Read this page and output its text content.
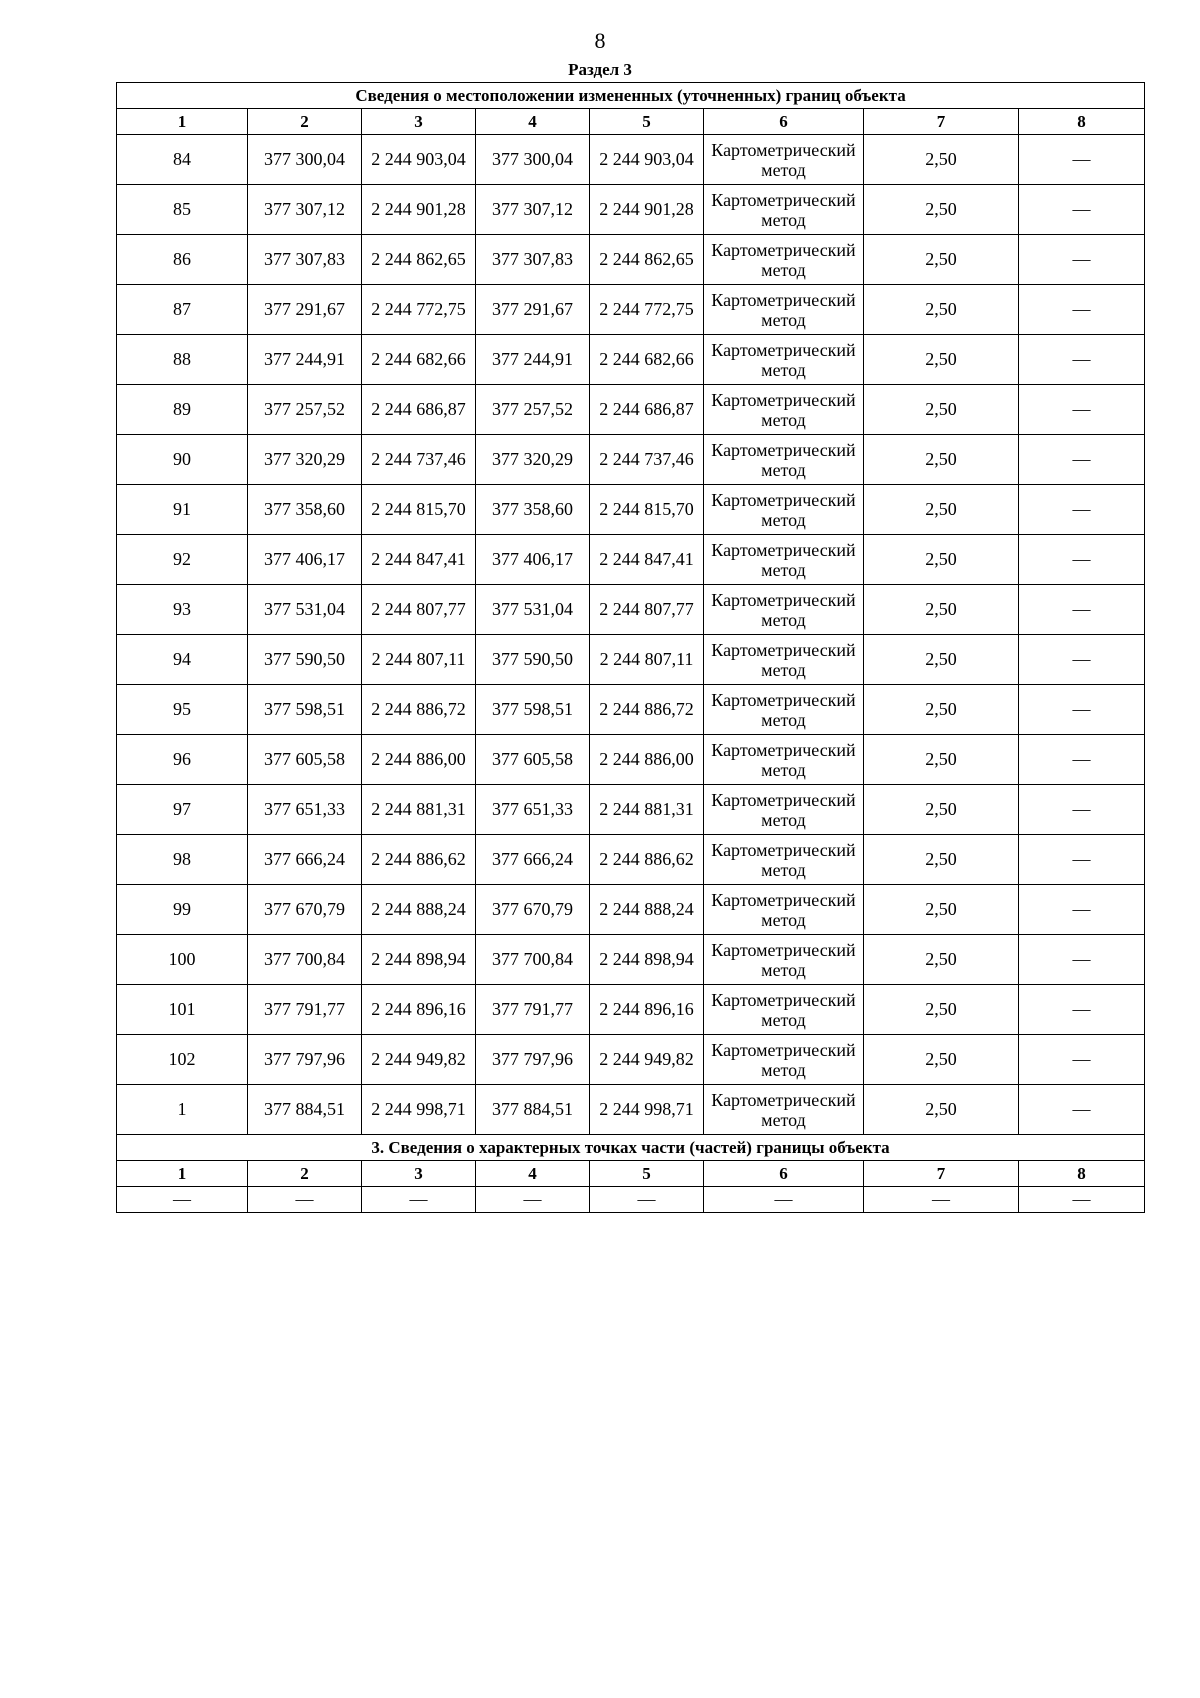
8
Раздел 3
Сведения о местоположении измененных (уточненных) границ объекта							
1	2	3	4	5	6	7	8
84	377 300,04	2 244 903,04	377 300,04	2 244 903,04	Картометрический метод	2,50	—
85	377 307,12	2 244 901,28	377 307,12	2 244 901,28	Картометрический метод	2,50	—
86	377 307,83	2 244 862,65	377 307,83	2 244 862,65	Картометрический метод	2,50	—
87	377 291,67	2 244 772,75	377 291,67	2 244 772,75	Картометрический метод	2,50	—
88	377 244,91	2 244 682,66	377 244,91	2 244 682,66	Картометрический метод	2,50	—
89	377 257,52	2 244 686,87	377 257,52	2 244 686,87	Картометрический метод	2,50	—
90	377 320,29	2 244 737,46	377 320,29	2 244 737,46	Картометрический метод	2,50	—
91	377 358,60	2 244 815,70	377 358,60	2 244 815,70	Картометрический метод	2,50	—
92	377 406,17	2 244 847,41	377 406,17	2 244 847,41	Картометрический метод	2,50	—
93	377 531,04	2 244 807,77	377 531,04	2 244 807,77	Картометрический метод	2,50	—
94	377 590,50	2 244 807,11	377 590,50	2 244 807,11	Картометрический метод	2,50	—
95	377 598,51	2 244 886,72	377 598,51	2 244 886,72	Картометрический метод	2,50	—
96	377 605,58	2 244 886,00	377 605,58	2 244 886,00	Картометрический метод	2,50	—
97	377 651,33	2 244 881,31	377 651,33	2 244 881,31	Картометрический метод	2,50	—
98	377 666,24	2 244 886,62	377 666,24	2 244 886,62	Картометрический метод	2,50	—
99	377 670,79	2 244 888,24	377 670,79	2 244 888,24	Картометрический метод	2,50	—
100	377 700,84	2 244 898,94	377 700,84	2 244 898,94	Картометрический метод	2,50	—
101	377 791,77	2 244 896,16	377 791,77	2 244 896,16	Картометрический метод	2,50	—
102	377 797,96	2 244 949,82	377 797,96	2 244 949,82	Картометрический метод	2,50	—
1	377 884,51	2 244 998,71	377 884,51	2 244 998,71	Картометрический метод	2,50	—
3. Сведения о характерных точках части (частей) границы объекта							
1	2	3	4	5	6	7	8
—	—	—	—	—	—	—	—
